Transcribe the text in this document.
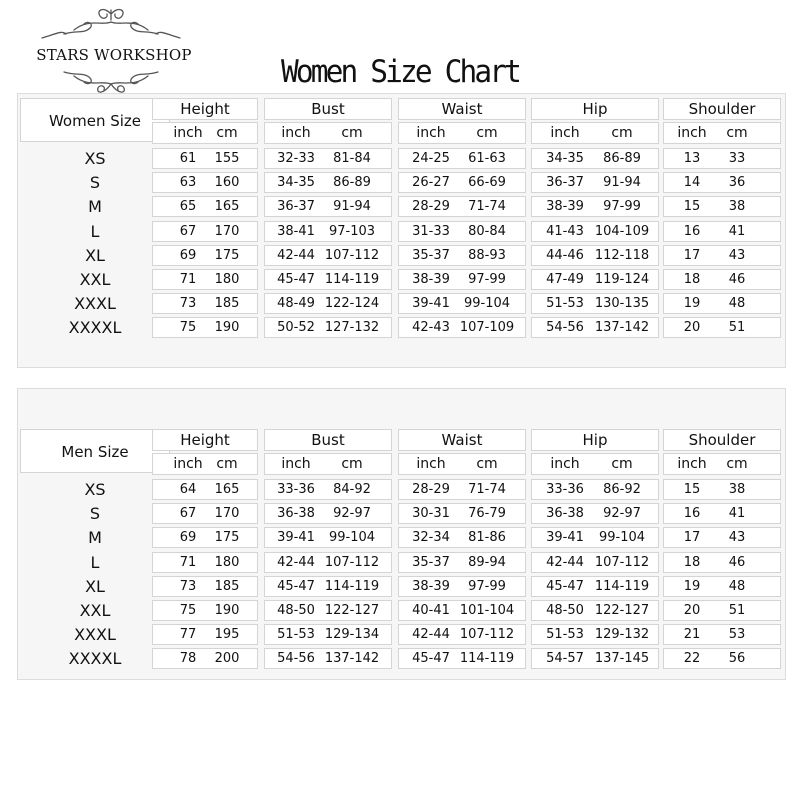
STARS WORKSHOP	Women Size Chart
Women Size
Height	Bust	Waist	Hip	Shoulder
inch cm	inch	cm	inch	cm	inch	cm	inch	cm
XS	61	155	32-33	81-84	24-25	61-63	34-35	86-89	13	33
S	63	160	34-35	86-89	26-27	66-69	36-37	91-94	14	36
M	65	165	36-37	91-94	28-29	71-74	38-39	97-99	15	38
L	67	170	38-41	97-103	31-33	80-84	41-43 104-109	16	41
XL	69	175	42-44 107-112	35-37	88-93	44-46 112-118	17	43
XXL	71	180	45-47 114-119	38-39	97-99	47-49 119-124	18	46
XXXL	73	185	48-49 122-124	39-41	99-104	51-53 130-135	19	48
XXXXL	75	190	50-52 127-132	42-43 107-109	54-56 137-142	20	51
Men Size
Height	Bust	Waist	Hip	Shoulder
inch cm	inch	cm	inch	cm	inch	cm	inch	cm
XS	64	165	33-36	84-92	28-29	71-74	33-36	86-92	15	38
S	67	170	36-38	92-97	30-31	76-79	36-38	92-97	16	41
M	69	175	39-41	99-104	32-34	81-86	39-41	99-104	17	43
L	71	180	42-44 107-112	35-37	89-94	42-44 107-112	18	46
XL	73	185	45-47 114-119	38-39	97-99	45-47 114-119	19	48
XXL	75	190	48-50 122-127	40-41 101-104	48-50 122-127	20	51
XXXL	77	195	51-53 129-134	42-44 107-112	51-53 129-132	21	53
XXXXL	78	200	54-56 137-142	45-47 114-119	54-57 137-145	22	56
